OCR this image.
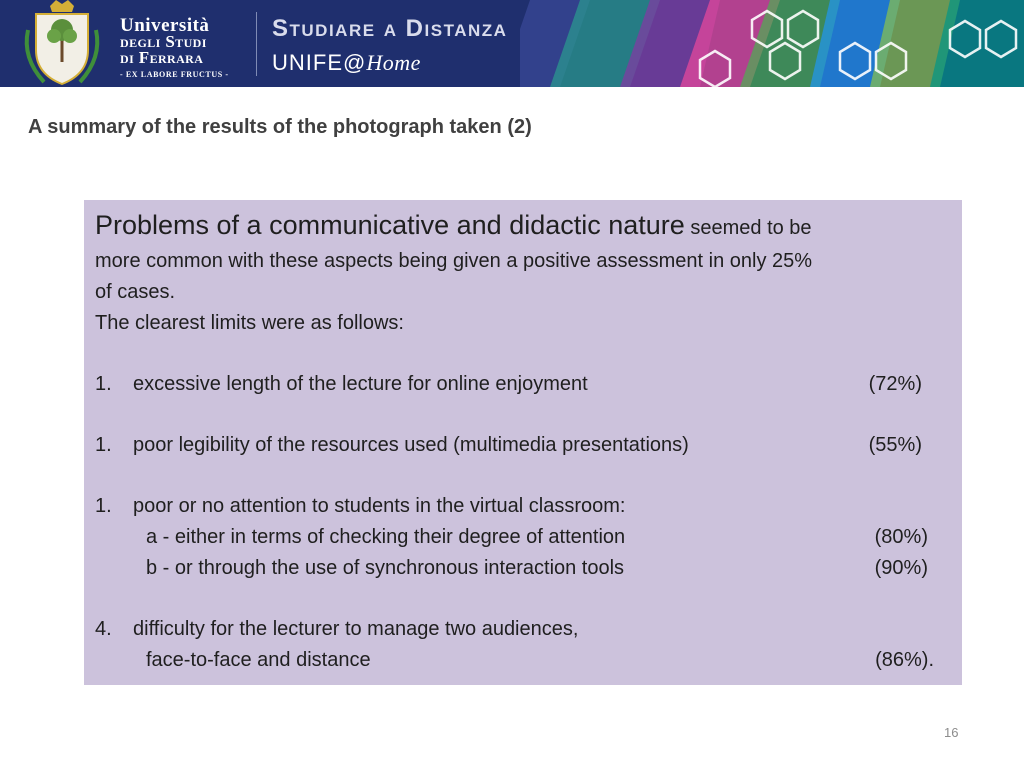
Università
degli Studi
di Ferrara
- EX LABORE FRUCTUS -
Studiare a Distanza
UNIFE@Home
A summary of the results of the photograph taken (2)
Problems of a communicative and didactic nature seemed to be
more common with these aspects being given a positive assessment in only 25%
of cases.
The clearest limits were as follows:
1. excessive length of the lecture for online enjoyment	(72%)
1. poor legibility of the resources used (multimedia presentations)	(55%)
1. poor or no attention to students in the virtual classroom:
a - either in terms of checking their degree of attention	(80%)
b - or through the use of synchronous interaction tools	(90%)
4. difficulty for the lecturer to manage two audiences,
face-to-face and distance	(86%).
16
